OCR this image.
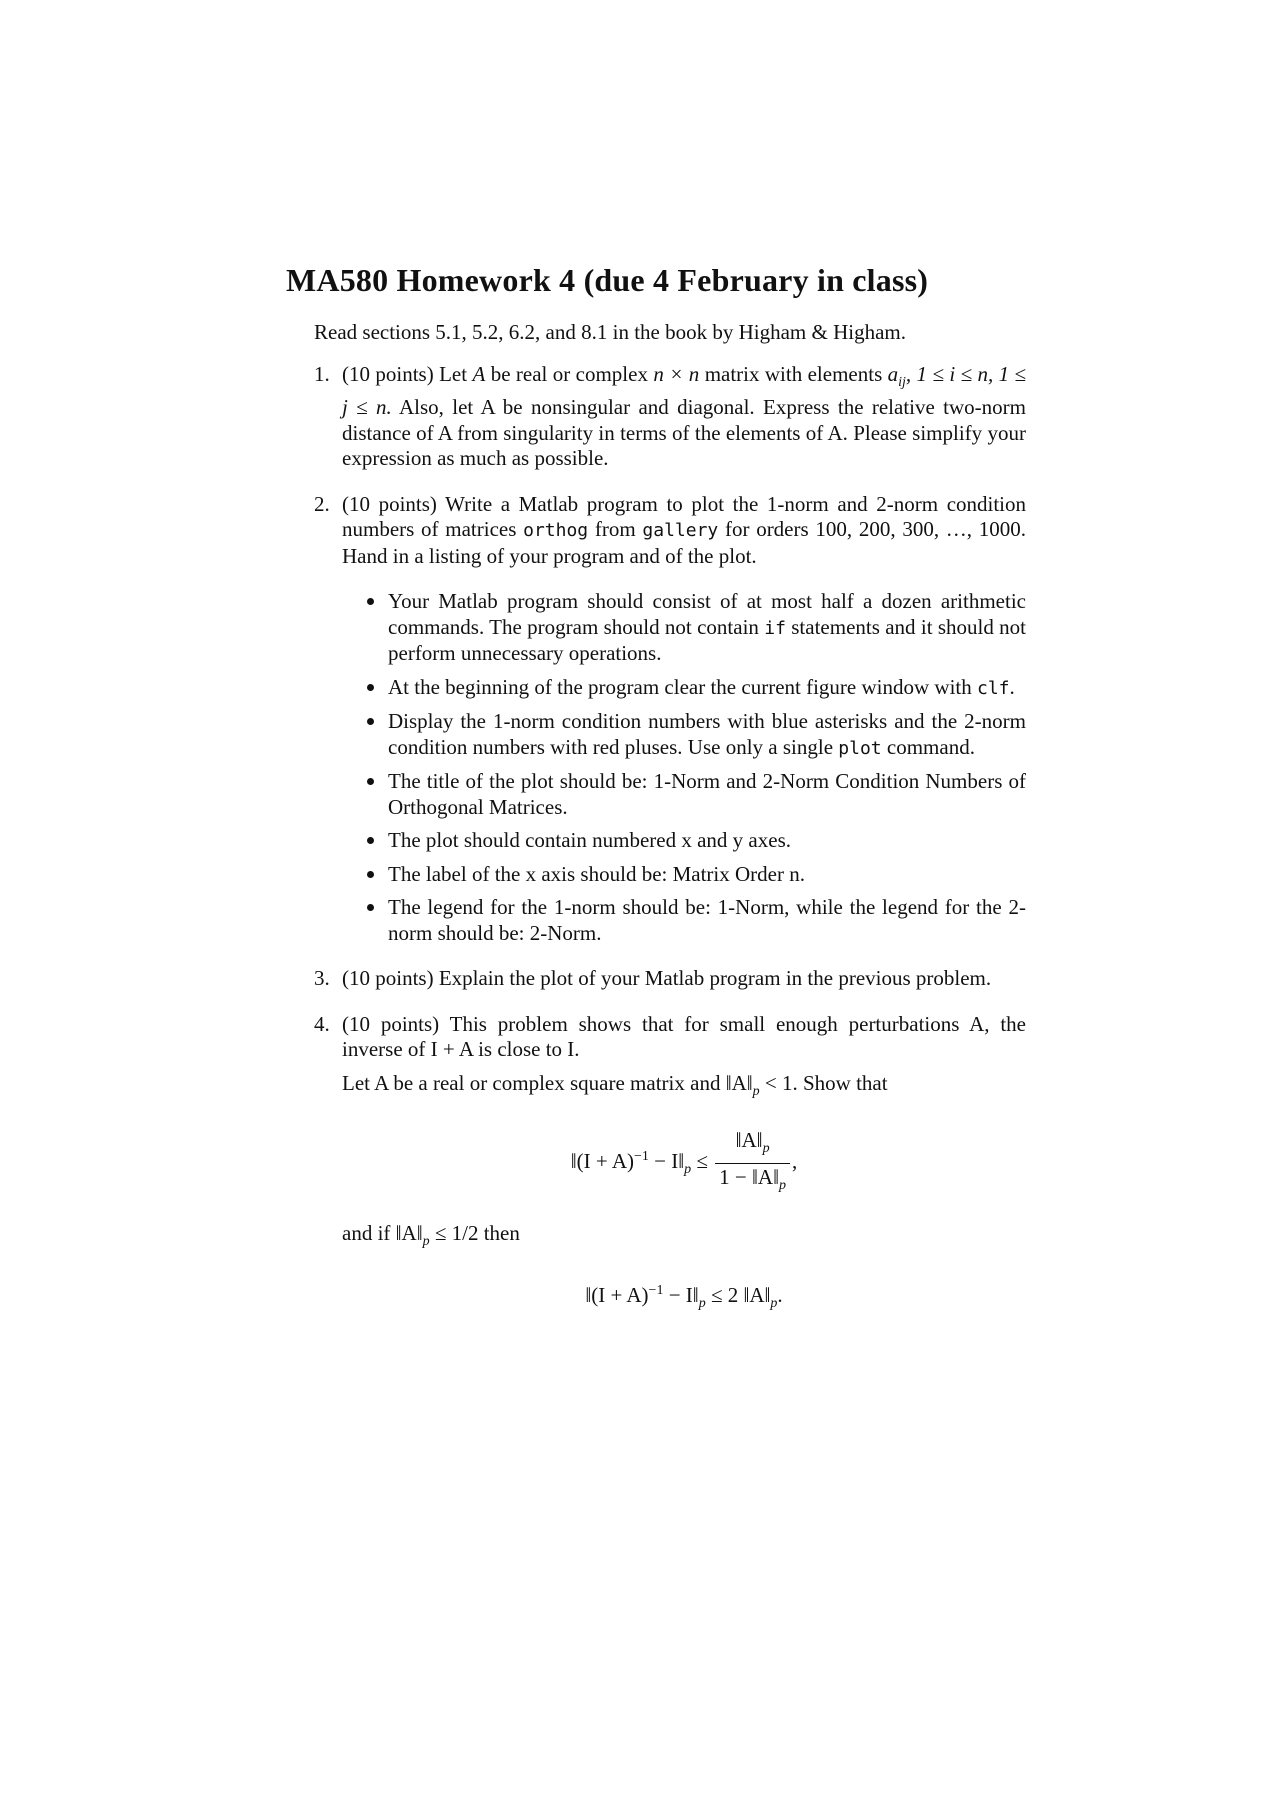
MA580 Homework 4 (due 4 February in class)

Read sections 5.1, 5.2, 6.2, and 8.1 in the book by Higham & Higham.

1. (10 points) Let A be real or complex n × n matrix with elements $a_{ij}$, 1 ≤ i ≤ n, 1 ≤ j ≤ n. Also, let A be nonsingular and diagonal. Express the relative two-norm distance of A from singularity in terms of the elements of A. Please simplify your expression as much as possible.

2. (10 points) Write a Matlab program to plot the 1-norm and 2-norm condition numbers of matrices orthog from gallery for orders 100, 200, 300, …, 1000. Hand in a listing of your program and of the plot.

Your Matlab program should consist of at most half a dozen arithmetic commands. The program should not contain if statements and it should not perform unnecessary operations.
At the beginning of the program clear the current figure window with clf.
Display the 1-norm condition numbers with blue asterisks and the 2-norm condition numbers with red pluses. Use only a single plot command.
The title of the plot should be: 1-Norm and 2-Norm Condition Numbers of Orthogonal Matrices.
The plot should contain numbered x and y axes.
The label of the x axis should be: Matrix Order n.
The legend for the 1-norm should be: 1-Norm, while the legend for the 2-norm should be: 2-Norm.
3. (10 points) Explain the plot of your Matlab program in the previous problem.

4. (10 points) This problem shows that for small enough perturbations A, the inverse of I + A is close to I.

Let A be a real or complex square matrix and $‖A‖_p < 1$. Show that

‖(I + $A)^{-1} - I‖_p \le \frac{‖A‖_p}{1 - ‖A‖_p}$ ,

and if $‖A‖_p \le 1/2$ then

‖(I + $A)^{-1} - I‖_p \le 2$ $‖A‖_p$.
